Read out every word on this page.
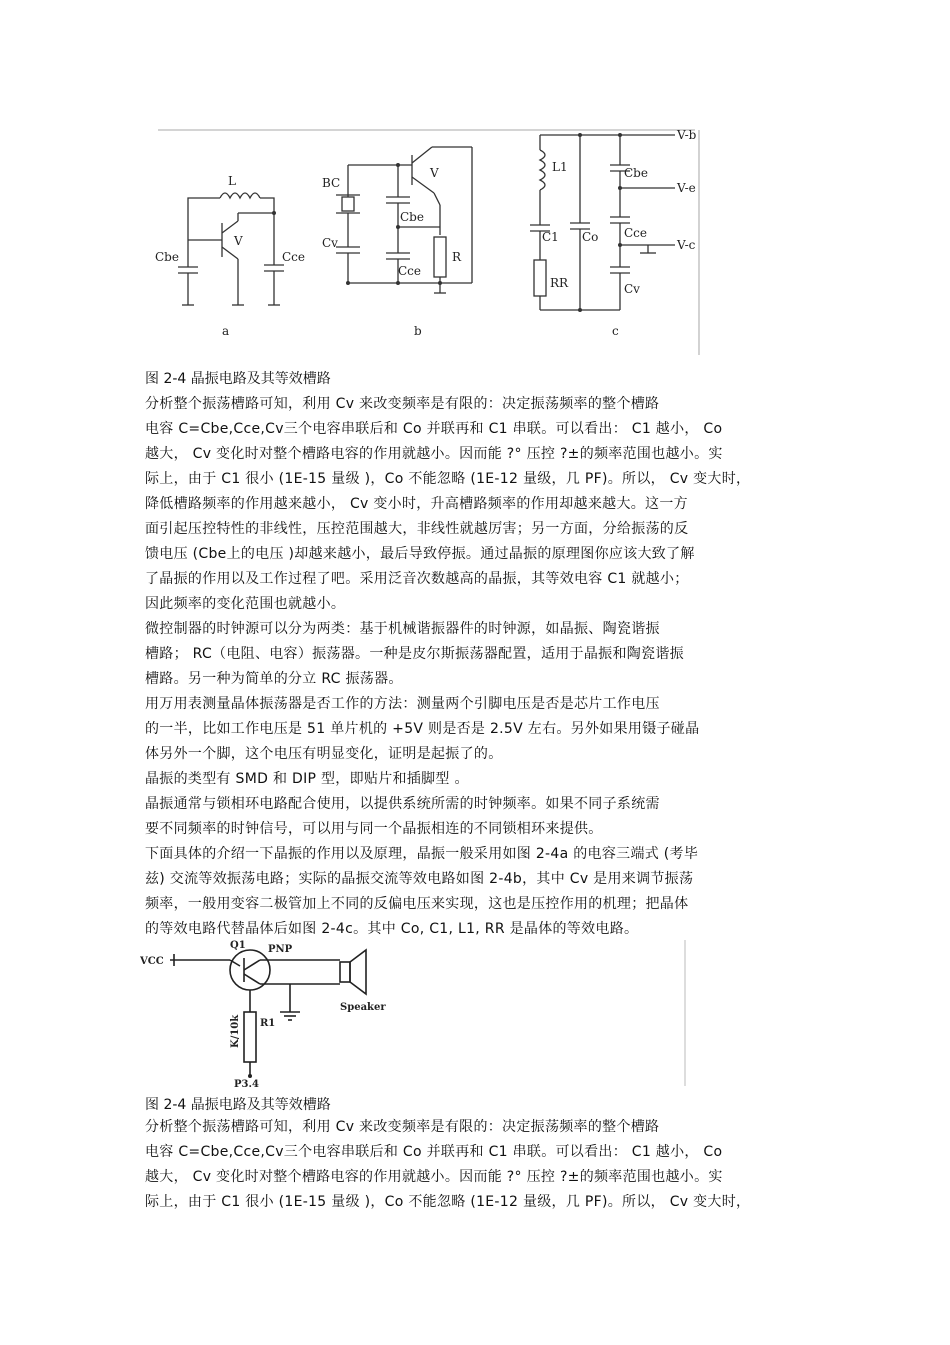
L
V
Cbe	Cce
a
BC
V
Cbe
Cv
Cce
R
b
V-b
L1	Cbe
V-e
Co
C1	Cce
V-c
RR	Cv
c
图 2-4 晶振电路及其等效槽路
分析整个振荡槽路可知，利用 Cv 来改变频率是有限的：决定振荡频率的整个槽路
电容 C=Cbe,Cce,Cv三个电容串联后和 Co 并联再和 C1 串联。可以看出： C1 越小， Co
越大， Cv 变化时对整个槽路电容的作用就越小。因而能 ?° 压控 ?±的频率范围也越小。实
际上，由于 C1 很小 (1E-15 量级 )，Co 不能忽略 (1E-12 量级，几 PF)。所以， Cv 变大时，
降低槽路频率的作用越来越小， Cv 变小时，升高槽路频率的作用却越来越大。这一方
面引起压控特性的非线性，压控范围越大，非线性就越厉害；另一方面，分给振荡的反
馈电压 (Cbe上的电压 )却越来越小，最后导致停振。通过晶振的原理图你应该大致了解
了晶振的作用以及工作过程了吧。采用泛音次数越高的晶振，其等效电容 C1 就越小；
因此频率的变化范围也就越小。
微控制器的时钟源可以分为两类：基于机械谐振器件的时钟源，如晶振、陶瓷谐振
槽路； RC（电阻、电容）振荡器。一种是皮尔斯振荡器配置，适用于晶振和陶瓷谐振
槽路。另一种为简单的分立 RC 振荡器。
用万用表测量晶体振荡器是否工作的方法：测量两个引脚电压是否是芯片工作电压
的一半，比如工作电压是 51 单片机的 +5V 则是否是 2.5V 左右。另外如果用镊子碰晶
体另外一个脚，这个电压有明显变化，证明是起振了的。
晶振的类型有 SMD 和 DIP 型，即贴片和插脚型 。
晶振通常与锁相环电路配合使用，以提供系统所需的时钟频率。如果不同子系统需
要不同频率的时钟信号，可以用与同一个晶振相连的不同锁相环来提供。
下面具体的介绍一下晶振的作用以及原理，晶振一般采用如图 2-4a 的电容三端式 (考毕
兹) 交流等效振荡电路；实际的晶振交流等效电路如图 2-4b，其中 Cv 是用来调节振荡
频率，一般用变容二极管加上不同的反偏电压来实现，这也是压控作用的机理；把晶体
的等效电路代替晶体后如图 2-4c。其中 Co, C1, L1, RR 是晶体的等效电路。
VCC
Q1 PNP
Speaker
R1
K/10k
P3.4
图 2-4 晶振电路及其等效槽路
分析整个振荡槽路可知，利用 Cv 来改变频率是有限的：决定振荡频率的整个槽路
电容 C=Cbe,Cce,Cv三个电容串联后和 Co 并联再和 C1 串联。可以看出： C1 越小， Co
越大， Cv 变化时对整个槽路电容的作用就越小。因而能 ?° 压控 ?±的频率范围也越小。实
际上，由于 C1 很小 (1E-15 量级 )，Co 不能忽略 (1E-12 量级，几 PF)。所以， Cv 变大时，
